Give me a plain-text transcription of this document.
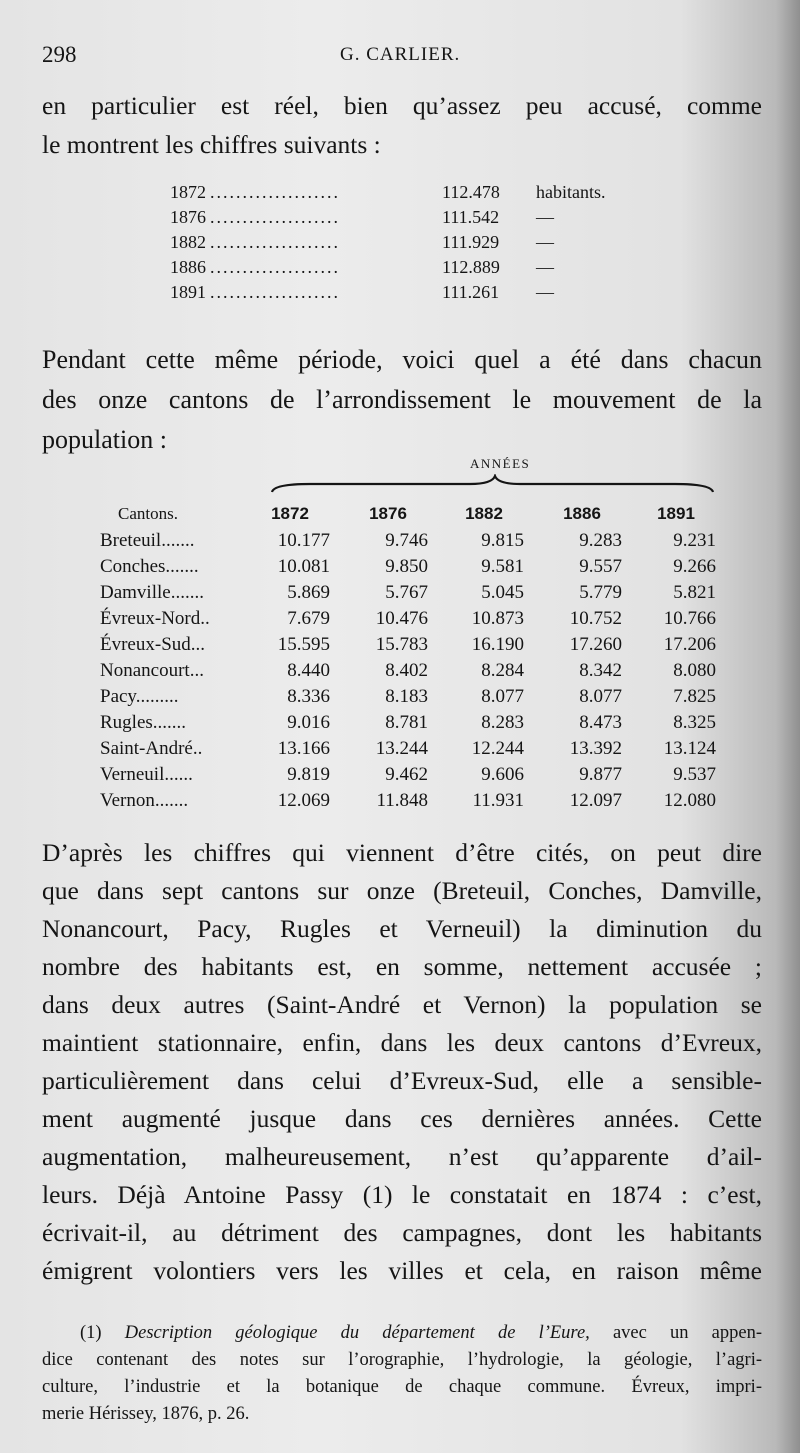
298	G. CARLIER.
en particulier est réel, bien qu’assez peu accusé, comme
le montrent les chiffres suivants :
1872 ....................	112.478 habitants.
1876 ....................	111.542 —
1882 ....................	111.929 —
1886 ....................	112.889 —
1891 ....................	111.261 —
Pendant cette même période, voici quel a été dans chacun
des onze cantons de l’arrondissement le mouvement de la
population :
ANNÉES
Cantons.	1872	1876	1882	1886	1891
Breteuil.......	10.177	9.746	9.815	9.283	9.231
Conches.......	10.081	9.850	9.581	9.557	9.266
Damville.......	5.869	5.767	5.045	5.779	5.821
Évreux-Nord..	7.679	10.476	10.873	10.752	10.766
Évreux-Sud...	15.595	15.783	16.190	17.260	17.206
Nonancourt...	8.440	8.402	8.284	8.342	8.080
Pacy.........	8.336	8.183	8.077	8.077	7.825
Rugles.......	9.016	8.781	8.283	8.473	8.325
Saint-André..	13.166	13.244	12.244	13.392	13.124
Verneuil......	9.819	9.462	9.606	9.877	9.537
Vernon.......	12.069	11.848	11.931	12.097	12.080
D’après les chiffres qui viennent d’être cités, on peut dire
que dans sept cantons sur onze (Breteuil, Conches, Damville,
Nonancourt, Pacy, Rugles et Verneuil) la diminution du
nombre des habitants est, en somme, nettement accusée ;
dans deux autres (Saint-André et Vernon) la population se
maintient stationnaire, enfin, dans les deux cantons d’Evreux,
particulièrement dans celui d’Evreux-Sud, elle a sensible-
ment augmenté jusque dans ces dernières années. Cette
augmentation, malheureusement, n’est qu’apparente d’ail-
leurs. Déjà Antoine Passy (1) le constatait en 1874 : c’est,
écrivait-il, au détriment des campagnes, dont les habitants
émigrent volontiers vers les villes et cela, en raison même
(1) Description géologique du département de l’Eure, avec un appen-
dice contenant des notes sur l’orographie, l’hydrologie, la géologie, l’agri-
culture, l’industrie et la botanique de chaque commune. Évreux, impri-
merie Hérissey, 1876, p. 26.
